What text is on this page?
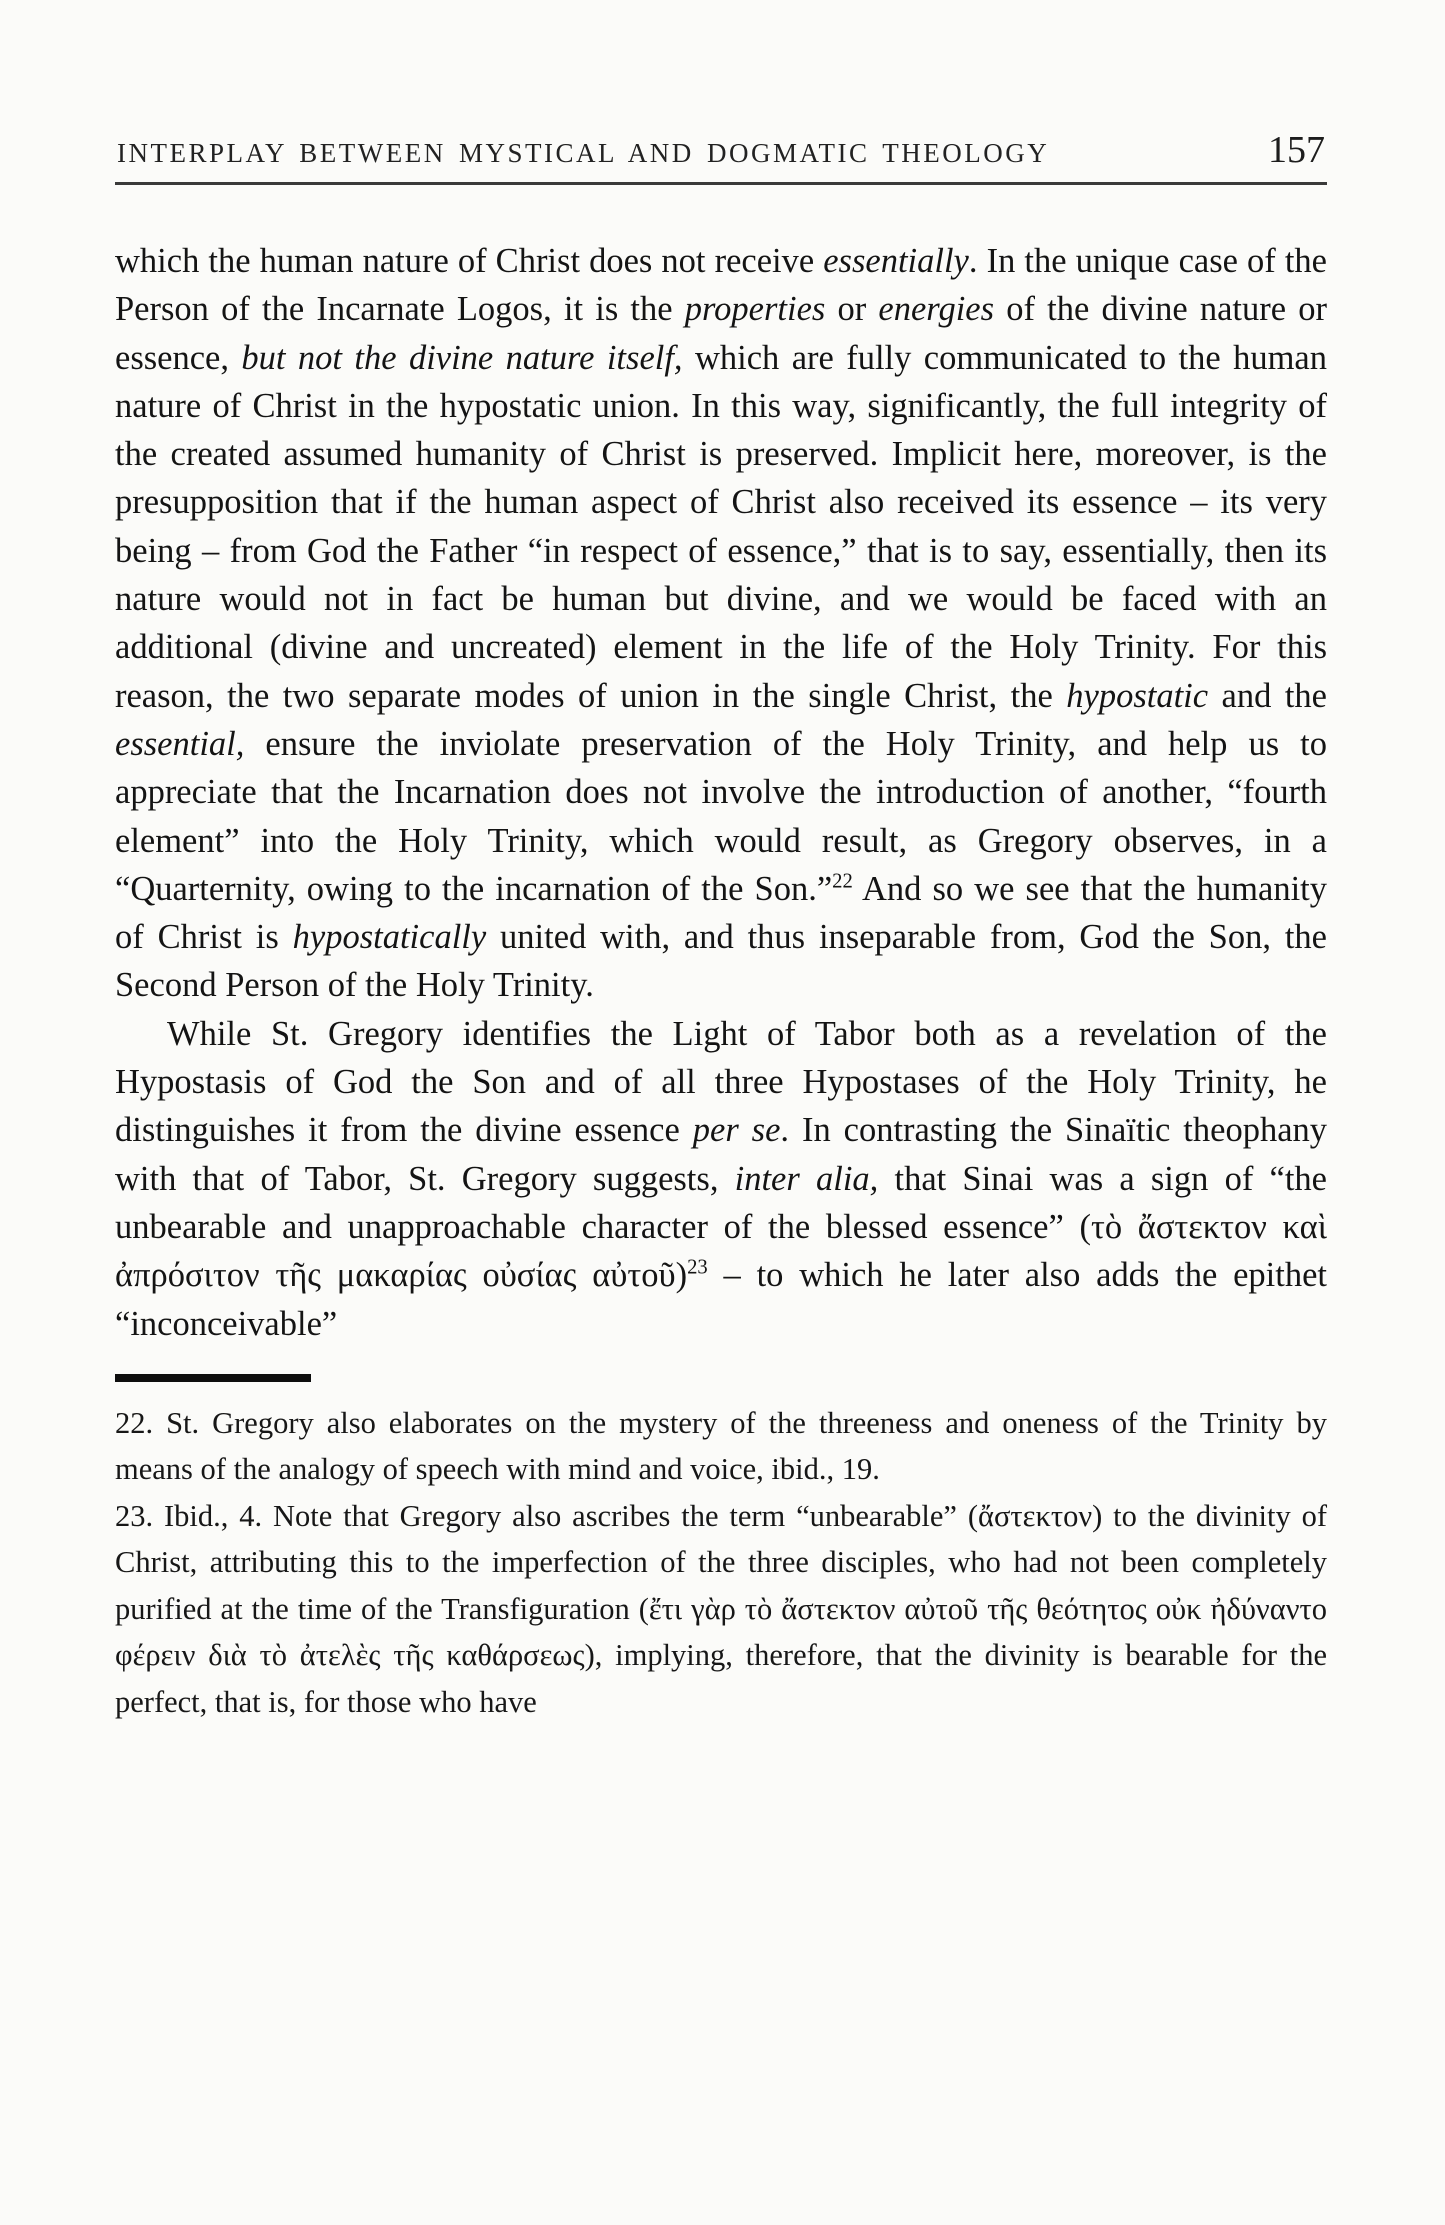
INTERPLAY BETWEEN MYSTICAL AND DOGMATIC THEOLOGY	157

which the human nature of Christ does not receive essentially. In the unique case of the Person of the Incarnate Logos, it is the properties or energies of the divine nature or essence, but not the divine nature itself, which are fully communicated to the human nature of Christ in the hypostatic union. In this way, significantly, the full integrity of the created assumed humanity of Christ is preserved. Implicit here, moreover, is the presupposition that if the human aspect of Christ also received its essence – its very being – from God the Father “in respect of essence,” that is to say, essentially, then its nature would not in fact be human but divine, and we would be faced with an additional (divine and uncreated) element in the life of the Holy Trinity. For this reason, the two separate modes of union in the single Christ, the hypostatic and the essential, ensure the inviolate preservation of the Holy Trinity, and help us to appreciate that the Incarnation does not involve the introduction of another, “fourth element” into the Holy Trinity, which would result, as Gregory observes, in a “Quarternity, owing to the incarnation of the Son.”$^{22}$ And so we see that the humanity of Christ is hypostatically united with, and thus inseparable from, God the Son, the Second Person of the Holy Trinity.

While St. Gregory identifies the Light of Tabor both as a revelation of the Hypostasis of God the Son and of all three Hypostases of the Holy Trinity, he distinguishes it from the divine essence per se. In contrasting the Sinaïtic theophany with that of Tabor, St. Gregory suggests, inter alia, that Sinai was a sign of “the unbearable and unapproachable character of the blessed essence” (τὸ ἄστεκτον καὶ ἀπρόσιτον τῆς μακαρίας οὐσίας αὐτοῦ)$^{23}$ – to which he later also adds the epithet “inconceivable”

22. St. Gregory also elaborates on the mystery of the threeness and oneness of the Trinity by means of the analogy of speech with mind and voice, ibid., 19.

23. Ibid., 4. Note that Gregory also ascribes the term “unbearable” (ἄστεκτον) to the divinity of Christ, attributing this to the imperfection of the three disciples, who had not been completely purified at the time of the Transfiguration (ἔτι γὰρ τὸ ἄστεκτον αὐτοῦ τῆς θεότητος οὐκ ἠδύναντο φέρειν διὰ τὸ ἀτελὲς τῆς καθάρσεως), implying, therefore, that the divinity is bearable for the perfect, that is, for those who have
